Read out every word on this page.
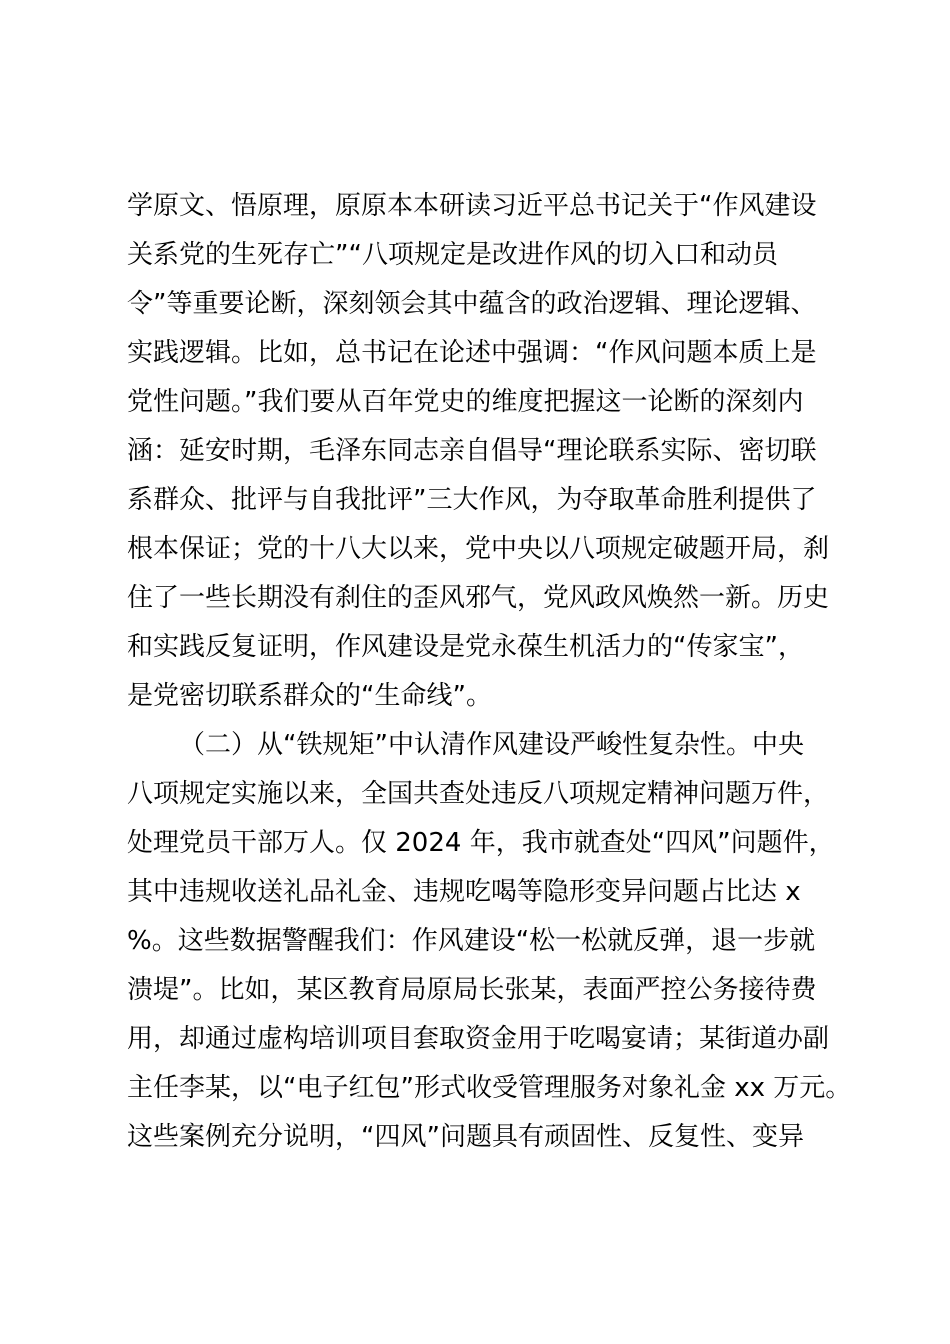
学原文、悟原理，原原本本研读习近平总书记关于“作风建设
关系党的生死存亡”“八项规定是改进作风的切入口和动员
令”等重要论断，深刻领会其中蕴含的政治逻辑、理论逻辑、
实践逻辑。比如，总书记在论述中强调：“作风问题本质上是
党性问题。”我们要从百年党史的维度把握这一论断的深刻内
涵：延安时期，毛泽东同志亲自倡导“理论联系实际、密切联
系群众、批评与自我批评”三大作风，为夺取革命胜利提供了
根本保证；党的十八大以来，党中央以八项规定破题开局，刹
住了一些长期没有刹住的歪风邪气，党风政风焕然一新。历史
和实践反复证明，作风建设是党永葆生机活力的“传家宝”，
是党密切联系群众的“生命线”。
（二）从“铁规矩”中认清作风建设严峻性复杂性。中央
八项规定实施以来，全国共查处违反八项规定精神问题万件，
处理党员干部万人。仅 2024 年，我市就查处“四风”问题件，
其中违规收送礼品礼金、违规吃喝等隐形变异问题占比达 x
%。这些数据警醒我们：作风建设“松一松就反弹，退一步就
溃堤”。比如，某区教育局原局长张某，表面严控公务接待费
用，却通过虚构培训项目套取资金用于吃喝宴请；某街道办副
主任李某，以“电子红包”形式收受管理服务对象礼金 xx 万元。
这些案例充分说明，“四风”问题具有顽固性、反复性、变异
